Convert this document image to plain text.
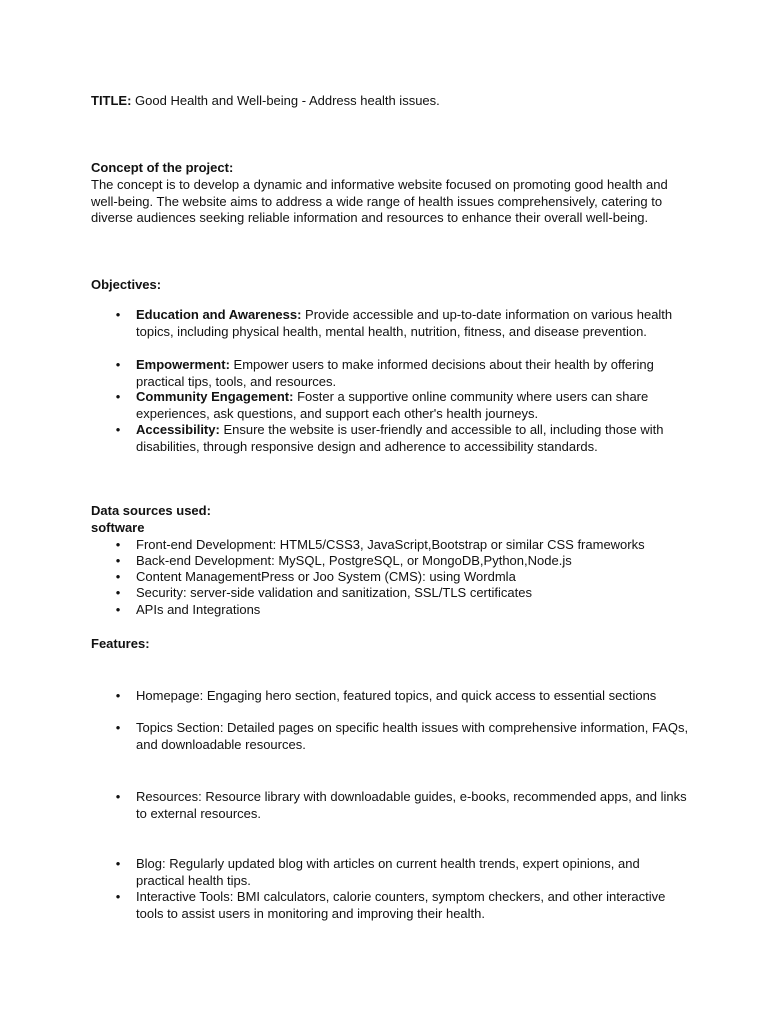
TITLE: Good Health and Well-being - Address health issues.
Concept of the project:
The concept is to develop a dynamic and informative website focused on promoting good health and well-being. The website aims to address a wide range of health issues comprehensively, catering to diverse audiences seeking reliable information and resources to enhance their overall well-being.
Objectives:
• Education and Awareness: Provide accessible and up-to-date information on various health topics, including physical health, mental health, nutrition, fitness, and disease prevention.
• Empowerment: Empower users to make informed decisions about their health by offering practical tips, tools, and resources.
• Community Engagement: Foster a supportive online community where users can share experiences, ask questions, and support each other's health journeys.
• Accessibility: Ensure the website is user-friendly and accessible to all, including those with disabilities, through responsive design and adherence to accessibility standards.
Data sources used:
software
• Front-end Development: HTML5/CSS3, JavaScript,Bootstrap or similar CSS frameworks
• Back-end Development: MySQL, PostgreSQL, or MongoDB,Python,Node.js
• Content ManagementPress or Joo System (CMS): using Wordmla
• Security: server-side validation and sanitization, SSL/TLS certificates
• APIs and Integrations
Features:
• Homepage: Engaging hero section, featured topics, and quick access to essential sections
• Topics Section: Detailed pages on specific health issues with comprehensive information, FAQs, and downloadable resources.
• Resources: Resource library with downloadable guides, e-books, recommended apps, and links to external resources.
• Blog: Regularly updated blog with articles on current health trends, expert opinions, and practical health tips.
• Interactive Tools: BMI calculators, calorie counters, symptom checkers, and other interactive tools to assist users in monitoring and improving their health.
